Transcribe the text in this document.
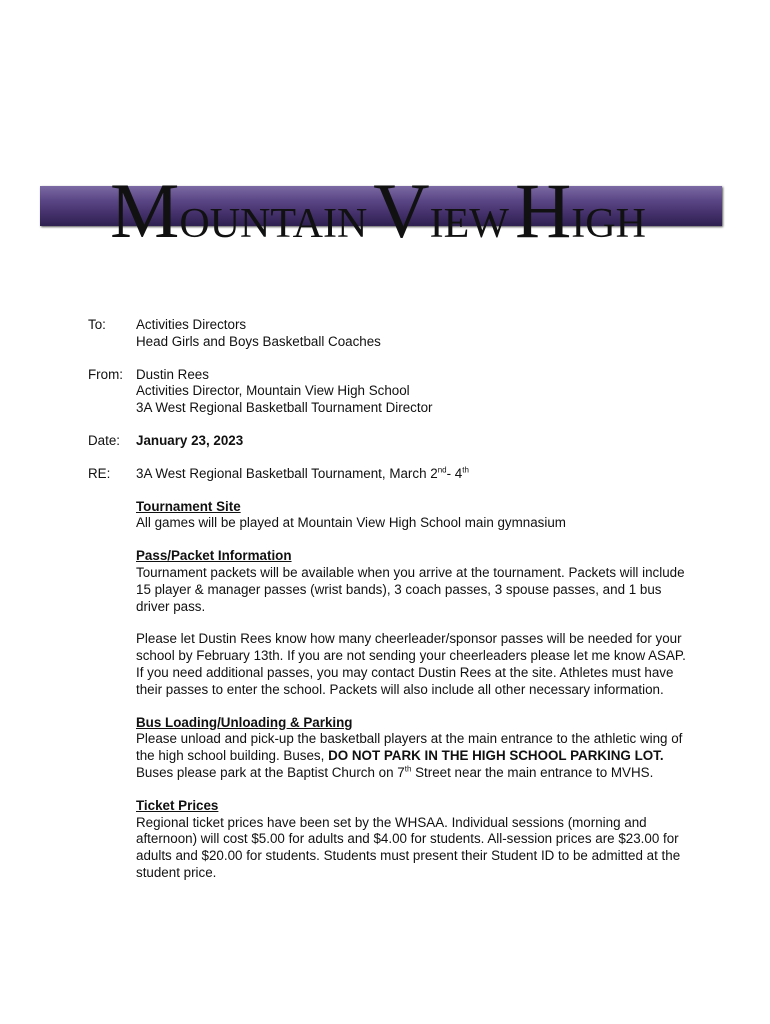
MOUNTAINVIEWHIGH
To:	Activities Directors
Head Girls and Boys Basketball Coaches
From: Dustin Rees
Activities Director, Mountain View High School
3A West Regional Basketball Tournament Director
Date:	January 23, 2023
RE:	3A West Regional Basketball Tournament, March 2nd- 4th
Tournament Site

All games will be played at Mountain View High School main gymnasium

Pass/Packet Information

Tournament packets will be available when you arrive at the tournament. Packets will include 15 player & manager passes (wrist bands), 3 coach passes, 3 spouse passes, and 1 bus driver pass.

Please let Dustin Rees know how many cheerleader/sponsor passes will be needed for your school by February 13th. If you are not sending your cheerleaders please let me know ASAP. If you need additional passes, you may contact Dustin Rees at the site. Athletes must have their passes to enter the school. Packets will also include all other necessary information.

Bus Loading/Unloading & Parking

Please unload and pick-up the basketball players at the main entrance to the athletic wing of the high school building. Buses, DO NOT PARK IN THE HIGH SCHOOL PARKING LOT. Buses please park at the Baptist Church on 7th Street near the main entrance to MVHS.

Ticket Prices

Regional ticket prices have been set by the WHSAA. Individual sessions (morning and afternoon) will cost $5.00 for adults and $4.00 for students. All-session prices are $23.00 for adults and $20.00 for students. Students must present their Student ID to be admitted at the student price.
